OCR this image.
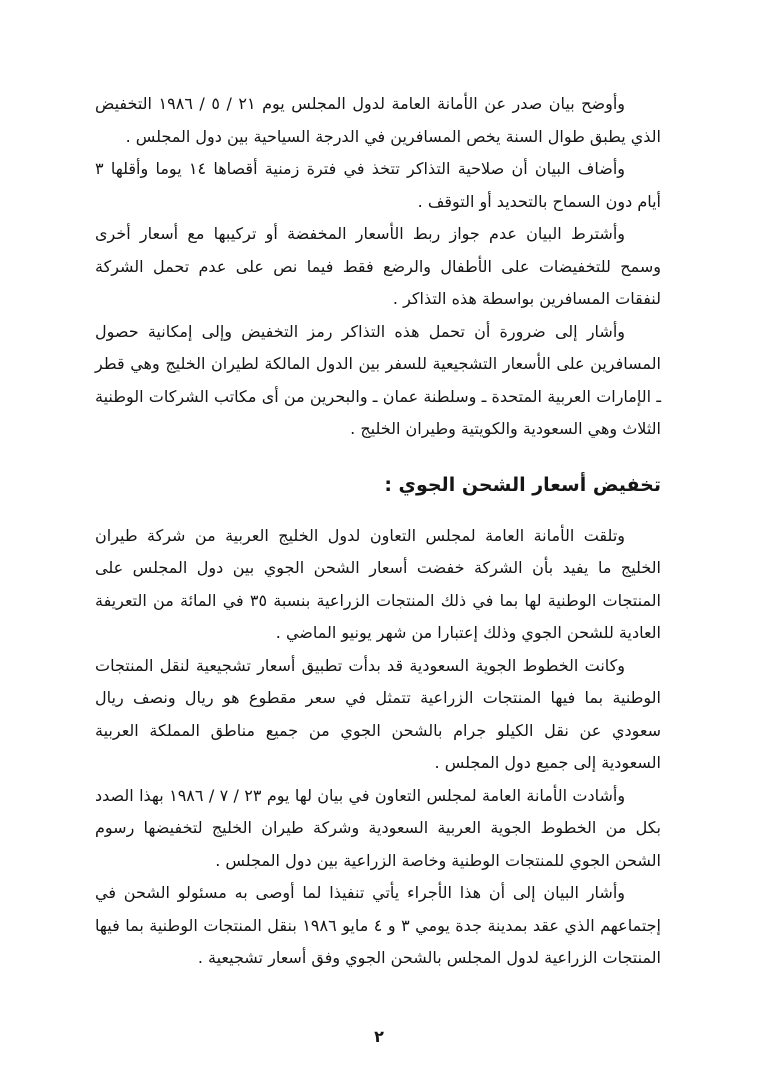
وأوضح بيان صدر عن الأمانة العامة لدول المجلس يوم ٢١ / ٥ / ١٩٨٦ التخفيض الذي يطبق طوال السنة يخص المسافرين في الدرجة السياحية بين دول المجلس .

وأضاف البيان أن صلاحية التذاكر تتخذ في فترة زمنية أقصاها ١٤ يوما وأقلها ٣ أيام دون السماح بالتحديد أو التوقف .

وأشترط البيان عدم جواز ربط الأسعار المخفضة أو تركيبها مع أسعار أخرى وسمح للتخفيضات على الأطفال والرضع فقط فيما نص على عدم تحمل الشركة لنفقات المسافرين بواسطة هذه التذاكر .

وأشار إلى ضرورة أن تحمل هذه التذاكر رمز التخفيض وإلى إمكانية حصول المسافرين على الأسعار التشجيعية للسفر بين الدول المالكة لطيران الخليج وهي قطر ـ الإمارات العربية المتحدة ـ وسلطنة عمان ـ والبحرين من أى مكاتب الشركات الوطنية الثلاث وهي السعودية والكويتية وطيران الخليج .

تخفيض أسعار الشحن الجوي :

وتلقت الأمانة العامة لمجلس التعاون لدول الخليج العربية من شركة طيران الخليج ما يفيد بأن الشركة خفضت أسعار الشحن الجوي بين دول المجلس على المنتجات الوطنية لها بما في ذلك المنتجات الزراعية بنسبة ٣٥ في المائة من التعريفة العادية للشحن الجوي وذلك إعتبارا من شهر يونيو الماضي .

وكانت الخطوط الجوية السعودية قد بدأت تطبيق أسعار تشجيعية لنقل المنتجات الوطنية بما فيها المنتجات الزراعية تتمثل في سعر مقطوع هو ريال ونصف ريال سعودي عن نقل الكيلو جرام بالشحن الجوي من جميع مناطق المملكة العربية السعودية إلى جميع دول المجلس .

وأشادت الأمانة العامة لمجلس التعاون في بيان لها يوم ٢٣ / ٧ / ١٩٨٦ بهذا الصدد بكل من الخطوط الجوية العربية السعودية وشركة طيران الخليج لتخفيضها رسوم الشحن الجوي للمنتجات الوطنية وخاصة الزراعية بين دول المجلس .

وأشار البيان إلى أن هذا الأجراء يأتي تنفيذا لما أوصى به مسئولو الشحن في إجتماعهم الذي عقد بمدينة جدة يومي ٣ و ٤ مايو ١٩٨٦ بنقل المنتجات الوطنية بما فيها المنتجات الزراعية لدول المجلس بالشحن الجوي وفق أسعار تشجيعية .

٢
